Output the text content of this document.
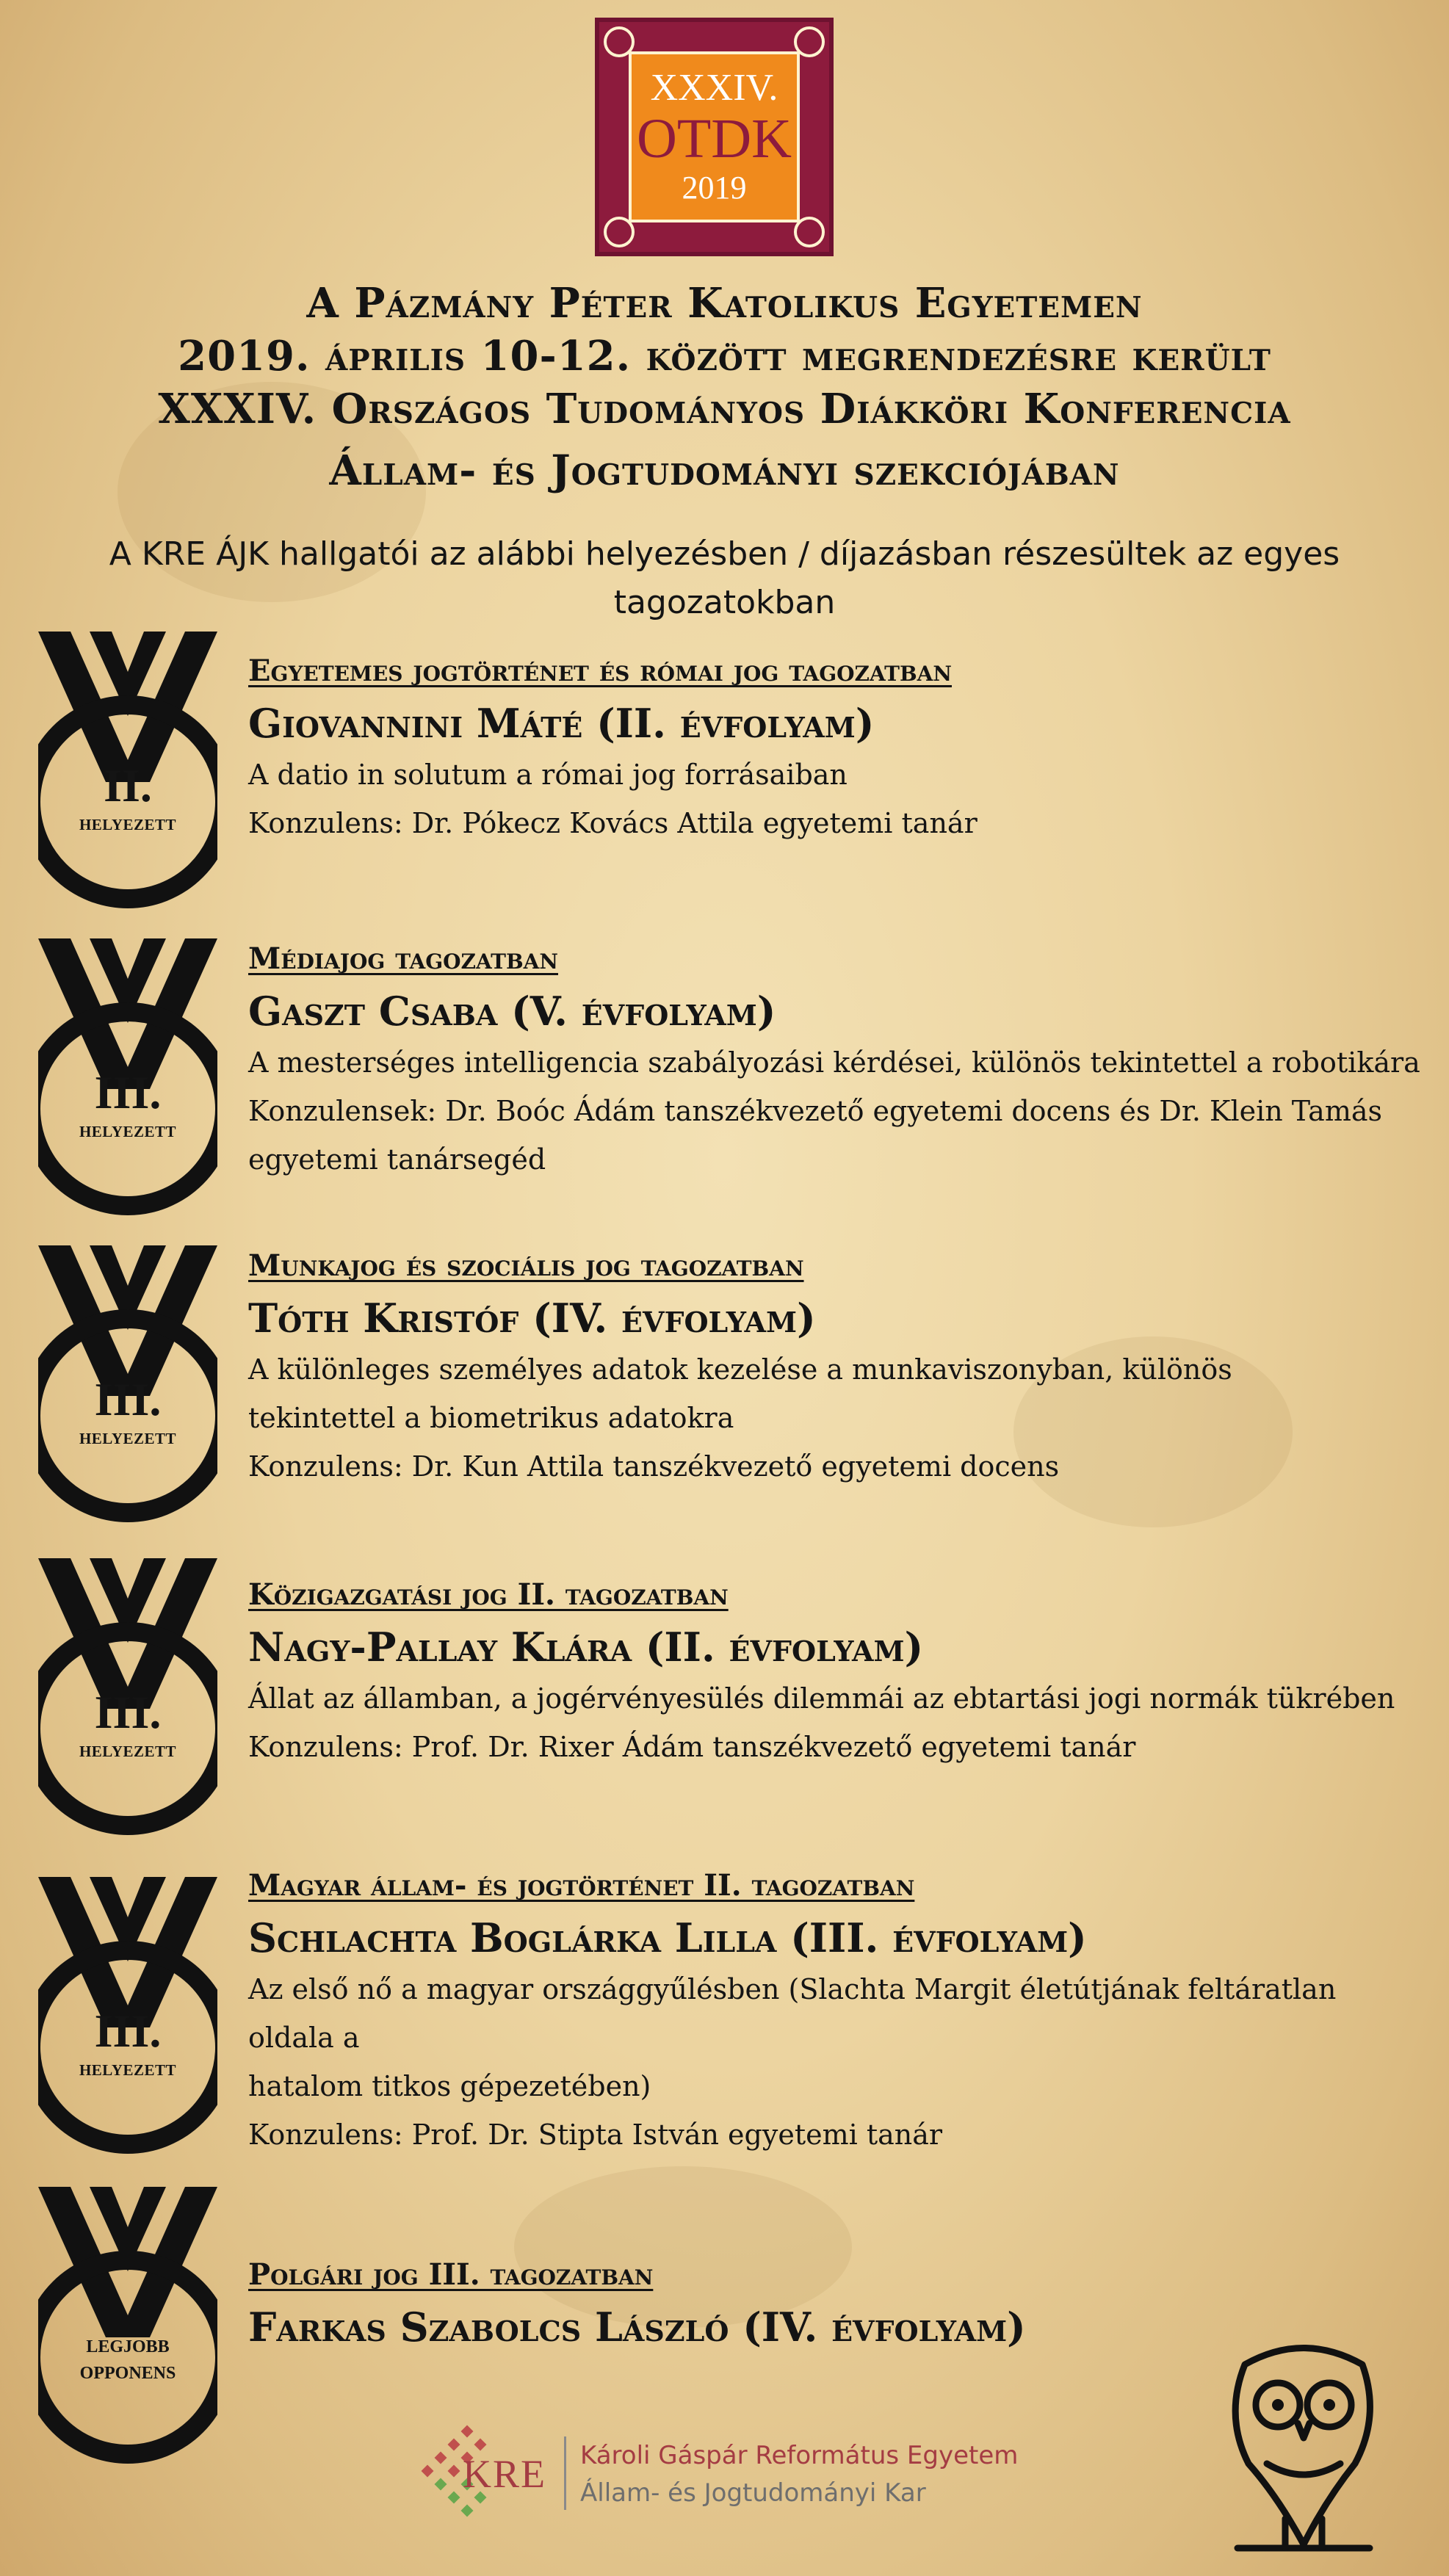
XXXIV.
OTDK
2019
A Pázmány Péter Katolikus Egyetemen
2019. április 10-12. között megrendezésre került
XXXIV. Országos Tudományos Diákköri Konferencia
Állam- és Jogtudományi szekciójában
A KRE ÁJK hallgatói az alábbi helyezésben / díjazásban részesültek az egyes tagozatokban
II.
HELYEZETT
Egyetemes jogtörténet és római jog tagozatban
Giovannini Máté (II. évfolyam)
A datio in solutum a római jog forrásaiban
Konzulens: Dr. Pókecz Kovács Attila egyetemi tanár
III.
HELYEZETT
Médiajog tagozatban
Gaszt Csaba (V. évfolyam)
A mesterséges intelligencia szabályozási kérdései, különös tekintettel a robotikára
Konzulensek: Dr. Boóc Ádám tanszékvezető egyetemi docens és Dr. Klein Tamás
egyetemi tanársegéd
III.
HELYEZETT
Munkajog és szociális jog tagozatban
Tóth Kristóf (IV. évfolyam)
A különleges személyes adatok kezelése a munkaviszonyban, különös
tekintettel a biometrikus adatokra
Konzulens: Dr. Kun Attila tanszékvezető egyetemi docens
III.
HELYEZETT
Közigazgatási jog II. tagozatban
Nagy-Pallay Klára (II. évfolyam)
Állat az államban, a jogérvényesülés dilemmái az ebtartási jogi normák tükrében
Konzulens: Prof. Dr. Rixer Ádám tanszékvezető egyetemi tanár
III.
HELYEZETT
Magyar állam- és jogtörténet II. tagozatban
Schlachta Boglárka Lilla (III. évfolyam)
Az első nő a magyar országgyűlésben (Slachta Margit életútjának feltáratlan oldala a
hatalom titkos gépezetében)
Konzulens: Prof. Dr. Stipta István egyetemi tanár
LEGJOBB
OPPONENS
Polgári jog III. tagozatban
Farkas Szabolcs László (IV. évfolyam)
KRE Károli Gáspár Református Egyetem
Állam- és Jogtudományi Kar
